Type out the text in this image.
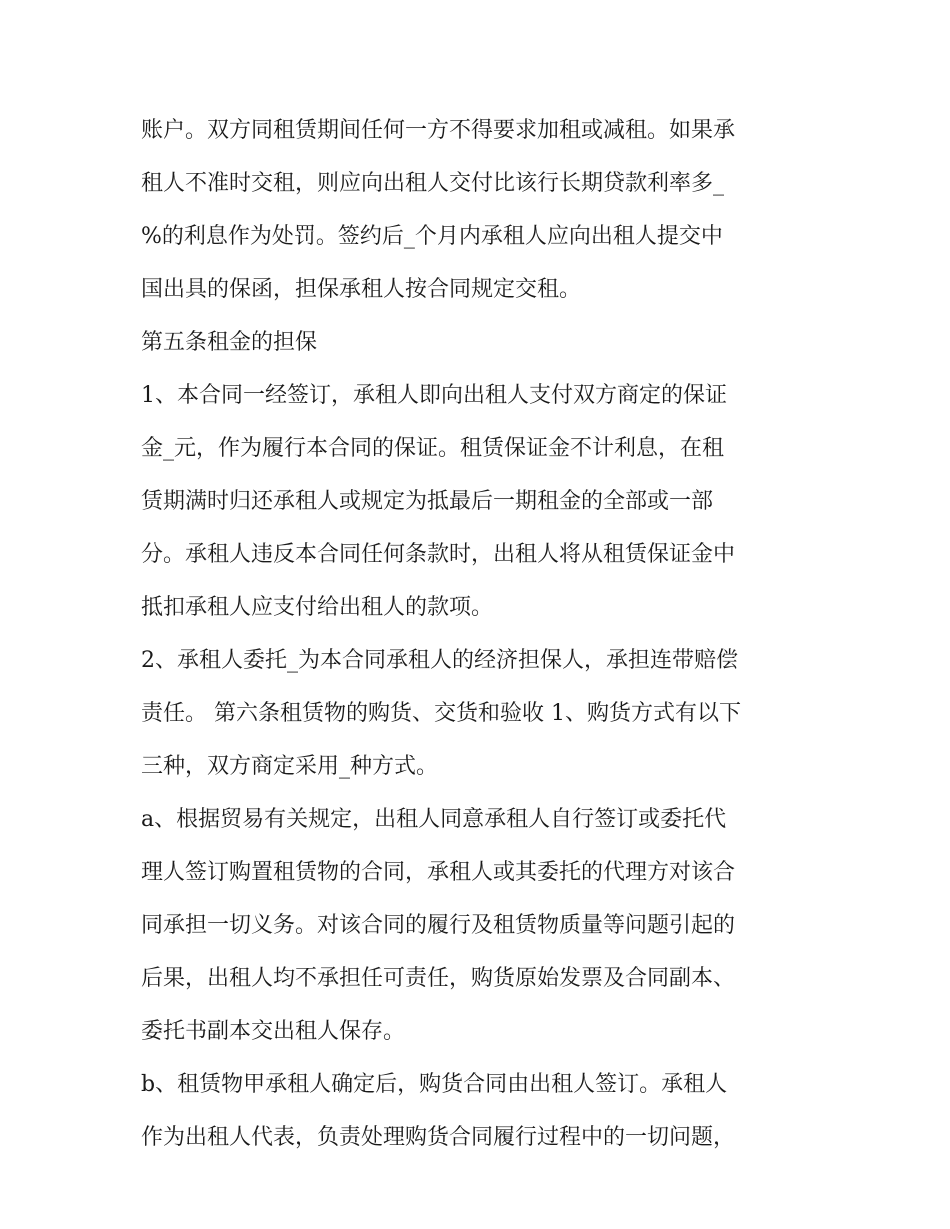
账户。双方同租赁期间任何一方不得要求加租或减租。如果承
租人不准时交租，则应向出租人交付比该行长期贷款利率多_
%的利息作为处罚。签约后_个月内承租人应向出租人提交中
国出具的保函，担保承租人按合同规定交租。
第五条租金的担保
1、本合同一经签订，承租人即向出租人支付双方商定的保证
金_元，作为履行本合同的保证。租赁保证金不计利息，在租
赁期满时归还承租人或规定为抵最后一期租金的全部或一部
分。承租人违反本合同任何条款时，出租人将从租赁保证金中
抵扣承租人应支付给出租人的款项。
2、承租人委托_为本合同承租人的经济担保人，承担连带赔偿
责任。 第六条租赁物的购货、交货和验收 1、购货方式有以下
三种，双方商定采用_种方式。
a、根据贸易有关规定，出租人同意承租人自行签订或委托代
理人签订购置租赁物的合同，承租人或其委托的代理方对该合
同承担一切义务。对该合同的履行及租赁物质量等问题引起的
后果，出租人均不承担任可责任，购货原始发票及合同副本、
委托书副本交出租人保存。
b、租赁物甲承租人确定后，购货合同由出租人签订。承租人
作为出租人代表，负责处理购货合同履行过程中的一切问题，
